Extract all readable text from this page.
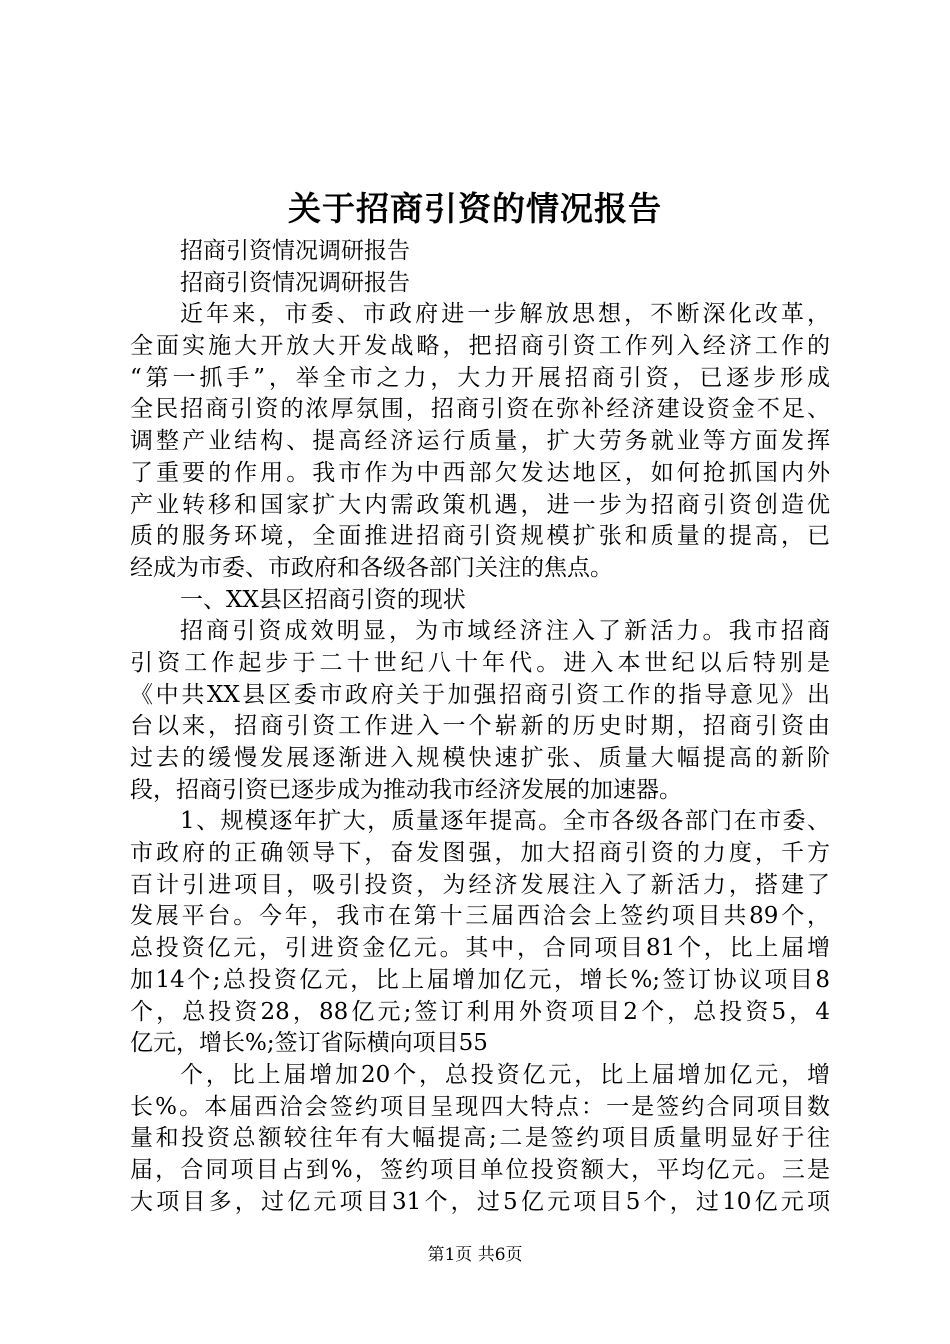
关于招商引资的情况报告
招商引资情况调研报告
招商引资情况调研报告
近年来，市委、市政府进一步解放思想，不断深化改革，
全面实施大开放大开发战略，把招商引资工作列入经济工作的
“第一抓手”，举全市之力，大力开展招商引资，已逐步形成
全民招商引资的浓厚氛围，招商引资在弥补经济建设资金不足、
调整产业结构、提高经济运行质量，扩大劳务就业等方面发挥
了重要的作用。我市作为中西部欠发达地区，如何抢抓国内外
产业转移和国家扩大内需政策机遇，进一步为招商引资创造优
质的服务环境，全面推进招商引资规模扩张和质量的提高，已
经成为市委、市政府和各级各部门关注的焦点。
一、XX县区招商引资的现状
招商引资成效明显，为市域经济注入了新活力。我市招商
引资工作起步于二十世纪八十年代。进入本世纪以后特别是
《中共XX县区委市政府关于加强招商引资工作的指导意见》出
台以来，招商引资工作进入一个崭新的历史时期，招商引资由
过去的缓慢发展逐渐进入规模快速扩张、质量大幅提高的新阶
段，招商引资已逐步成为推动我市经济发展的加速器。
1、规模逐年扩大，质量逐年提高。全市各级各部门在市委、
市政府的正确领导下，奋发图强，加大招商引资的力度，千方
百计引进项目，吸引投资，为经济发展注入了新活力，搭建了
发展平台。今年，我市在第十三届西洽会上签约项目共89个，
总投资亿元，引进资金亿元。其中，合同项目81个，比上届增
加14个;总投资亿元，比上届增加亿元，增长%;签订协议项目8
个，总投资28，88亿元;签订利用外资项目2个，总投资5，4
亿元，增长%;签订省际横向项目55
个，比上届增加20个，总投资亿元，比上届增加亿元，增
长%。本届西洽会签约项目呈现四大特点：一是签约合同项目数
量和投资总额较往年有大幅提高;二是签约项目质量明显好于往
届，合同项目占到%，签约项目单位投资额大，平均亿元。三是
大项目多，过亿元项目31个，过5亿元项目5个，过10亿元项
第1页 共6页
